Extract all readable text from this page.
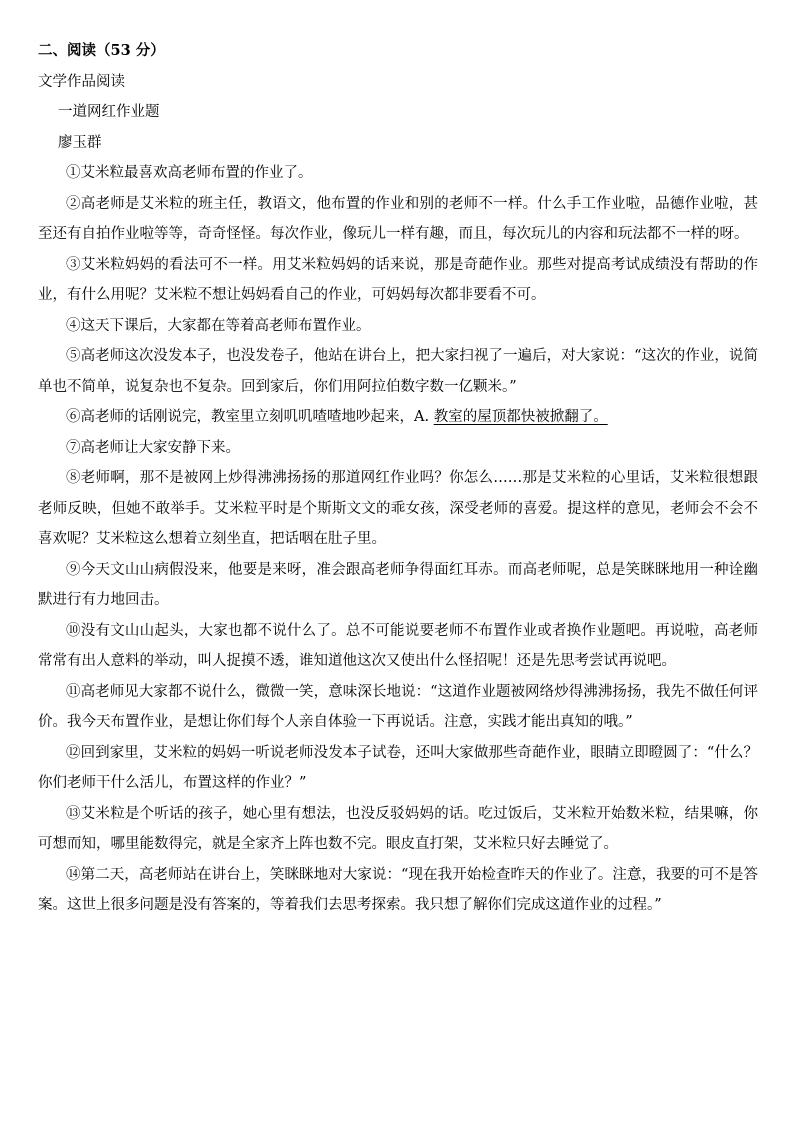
二、阅读（53 分）

文学作品阅读

一道网红作业题

廖玉群

①艾米粒最喜欢高老师布置的作业了。

②高老师是艾米粒的班主任，教语文，他布置的作业和别的老师不一样。什么手工作业啦，品德作业啦，甚至还有自拍作业啦等等，奇奇怪怪。每次作业，像玩儿一样有趣，而且，每次玩儿的内容和玩法都不一样的呀。

③艾米粒妈妈的看法可不一样。用艾米粒妈妈的话来说，那是奇葩作业。那些对提高考试成绩没有帮助的作业，有什么用呢？艾米粒不想让妈妈看自己的作业，可妈妈每次都非要看不可。

④这天下课后，大家都在等着高老师布置作业。

⑤高老师这次没发本子，也没发卷子，他站在讲台上，把大家扫视了一遍后，对大家说：“这次的作业，说简单也不简单，说复杂也不复杂。回到家后，你们用阿拉伯数字数一亿颗米。”

⑥高老师的话刚说完，教室里立刻叽叽喳喳地吵起来，A. 教室的屋顶都快被掀翻了。

⑦高老师让大家安静下来。

⑧老师啊，那不是被网上炒得沸沸扬扬的那道网红作业吗？你怎么……那是艾米粒的心里话，艾米粒很想跟老师反映，但她不敢举手。艾米粒平时是个斯斯文文的乖女孩，深受老师的喜爱。提这样的意见，老师会不会不喜欢呢？艾米粒这么想着立刻坐直，把话咽在肚子里。

⑨今天文山山病假没来，他要是来呀，准会跟高老师争得面红耳赤。而高老师呢，总是笑眯眯地用一种诠幽默进行有力地回击。

⑩没有文山山起头，大家也都不说什么了。总不可能说要老师不布置作业或者换作业题吧。再说啦，高老师常常有出人意料的举动，叫人捉摸不透，谁知道他这次又使出什么怪招呢！还是先思考尝试再说吧。

⑪高老师见大家都不说什么，微微一笑，意味深长地说：“这道作业题被网络炒得沸沸扬扬，我先不做任何评价。我今天布置作业，是想让你们每个人亲自体验一下再说话。注意，实践才能出真知的哦。”

⑫回到家里，艾米粒的妈妈一听说老师没发本子试卷，还叫大家做那些奇葩作业，眼睛立即瞪圆了：“什么？你们老师干什么活儿，布置这样的作业？”

⑬艾米粒是个听话的孩子，她心里有想法，也没反驳妈妈的话。吃过饭后，艾米粒开始数米粒，结果嘛，你可想而知，哪里能数得完，就是全家齐上阵也数不完。眼皮直打架，艾米粒只好去睡觉了。

⑭第二天，高老师站在讲台上，笑眯眯地对大家说：“现在我开始检查昨天的作业了。注意，我要的可不是答案。这世上很多问题是没有答案的，等着我们去思考探索。我只想了解你们完成这道作业的过程。”
